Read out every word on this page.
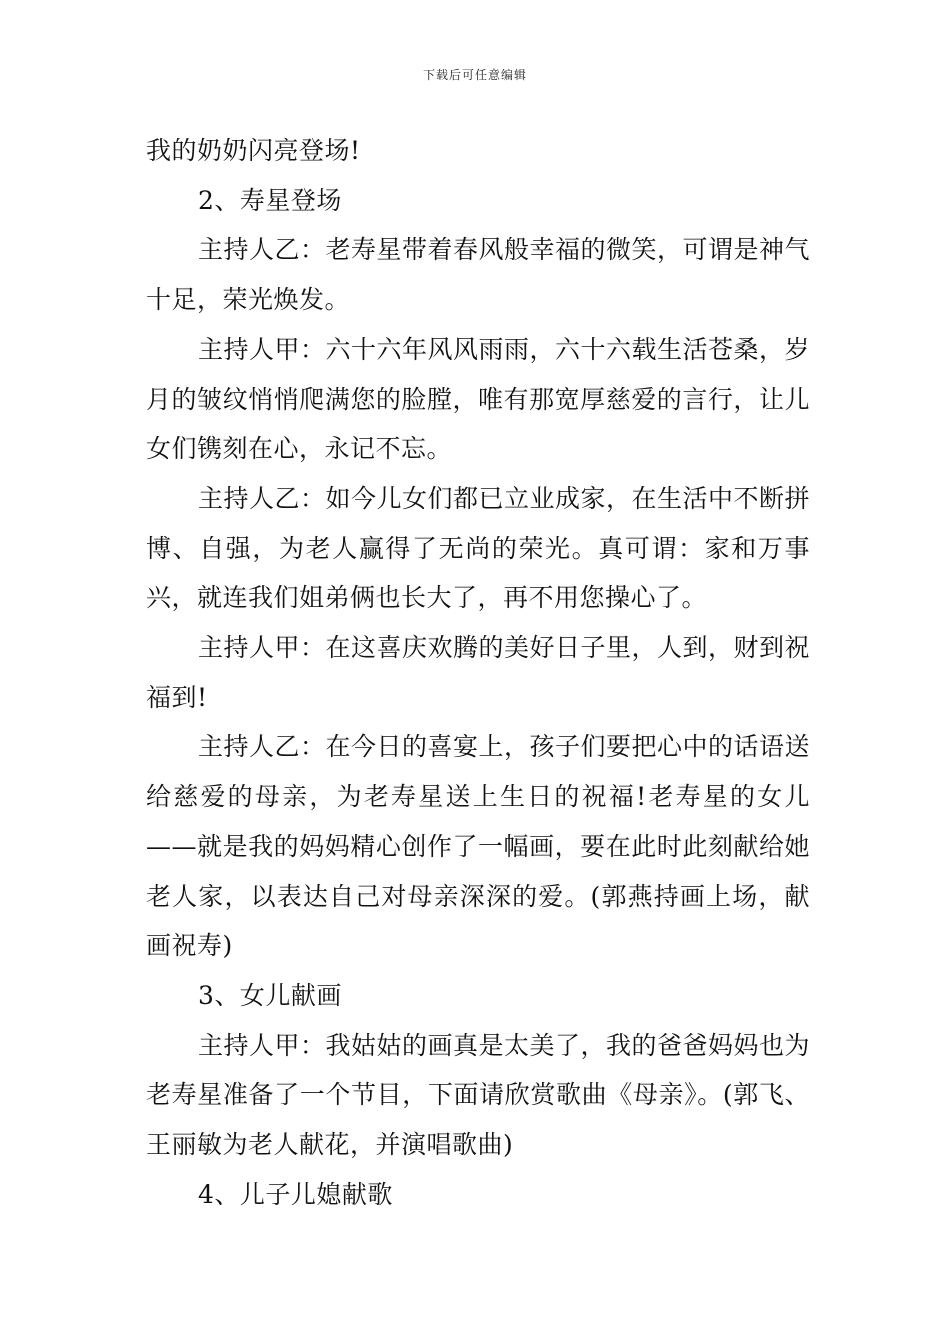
下载后可任意编辑

我的奶奶闪亮登场!

2、寿星登场

主持人乙：老寿星带着春风般幸福的微笑，可谓是神气十足，荣光焕发。

主持人甲：六十六年风风雨雨，六十六载生活苍桑，岁月的皱纹悄悄爬满您的脸膛，唯有那宽厚慈爱的言行，让儿女们镌刻在心，永记不忘。

主持人乙：如今儿女们都已立业成家，在生活中不断拼博、自强，为老人赢得了无尚的荣光。真可谓：家和万事兴，就连我们姐弟俩也长大了，再不用您操心了。

主持人甲：在这喜庆欢腾的美好日子里，人到，财到祝福到!

主持人乙：在今日的喜宴上，孩子们要把心中的话语送给慈爱的母亲，为老寿星送上生日的祝福!老寿星的女儿——就是我的妈妈精心创作了一幅画，要在此时此刻献给她老人家，以表达自己对母亲深深的爱。(郭燕持画上场，献画祝寿)

3、女儿献画

主持人甲：我姑姑的画真是太美了，我的爸爸妈妈也为老寿星准备了一个节目，下面请欣赏歌曲《母亲》。(郭飞、王丽敏为老人献花，并演唱歌曲)

4、儿子儿媳献歌
